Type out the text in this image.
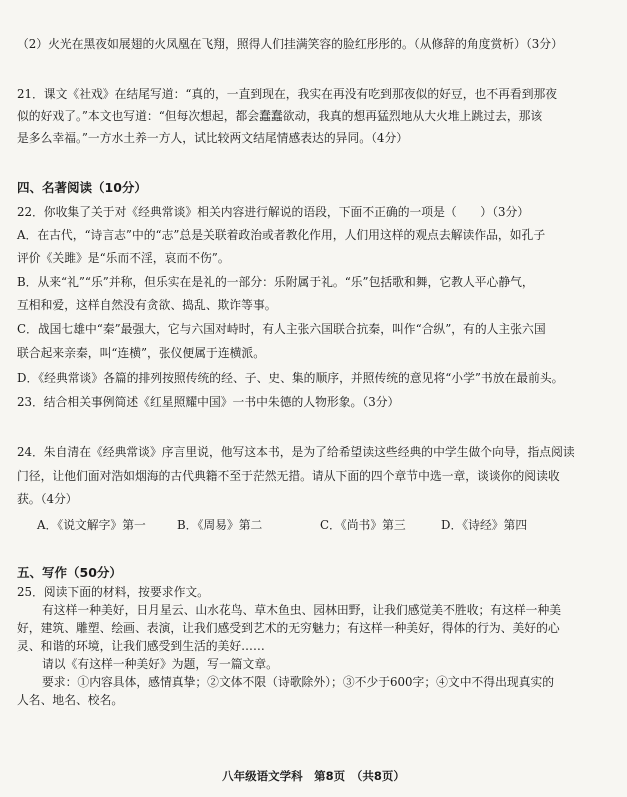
（2）火光在黑夜如展翅的火凤凰在飞翔，照得人们挂满笑容的脸红彤彤的。（从修辞的角度赏析）（3分）
21．课文《社戏》在结尾写道：“真的，一直到现在，我实在再没有吃到那夜似的好豆，也不再看到那夜
似的好戏了。”本文也写道：“但每次想起，都会蠢蠢欲动，我真的想再猛烈地从大火堆上跳过去，那该
是多么幸福。”一方水土养一方人，试比较两文结尾情感表达的异同。（4分）
四、名著阅读（10分）
22．你收集了关于对《经典常谈》相关内容进行解说的语段，下面不正确的一项是（　　）（3分）
A．在古代，“诗言志”中的“志”总是关联着政治或者教化作用，人们用这样的观点去解读作品，如孔子
评价《关雎》是“乐而不淫，哀而不伤”。
B．从来“礼”“乐”并称，但乐实在是礼的一部分：乐附属于礼。“乐”包括歌和舞，它教人平心静气，
互相和爱，这样自然没有贪欲、捣乱、欺诈等事。
C．战国七雄中“秦”最强大，它与六国对峙时，有人主张六国联合抗秦，叫作“合纵”，有的人主张六国
联合起来亲秦，叫“连横”，张仪便属于连横派。
D．《经典常谈》各篇的排列按照传统的经、子、史、集的顺序，并照传统的意见将“小学”书放在最前头。
23．结合相关事例简述《红星照耀中国》一书中朱德的人物形象。（3分）
24．朱自清在《经典常谈》序言里说，他写这本书，是为了给希望读这些经典的中学生做个向导，指点阅读
门径，让他们面对浩如烟海的古代典籍不至于茫然无措。请从下面的四个章节中选一章，谈谈你的阅读收
获。（4分）
A．《说文解字》第一	B．《周易》第二	C．《尚书》第三	D．《诗经》第四
五、写作（50分）
25．阅读下面的材料，按要求作文。
有这样一种美好，日月星云、山水花鸟、草木鱼虫、园林田野，让我们感觉美不胜收；有这样一种美
好，建筑、雕塑、绘画、表演，让我们感受到艺术的无穷魅力；有这样一种美好，得体的行为、美好的心
灵、和谐的环境，让我们感受到生活的美好……
请以《有这样一种美好》为题，写一篇文章。
要求：①内容具体，感情真挚；②文体不限（诗歌除外）；③不少于600字；④文中不得出现真实的
人名、地名、校名。
八年级语文学科　第8页　（共8页）
